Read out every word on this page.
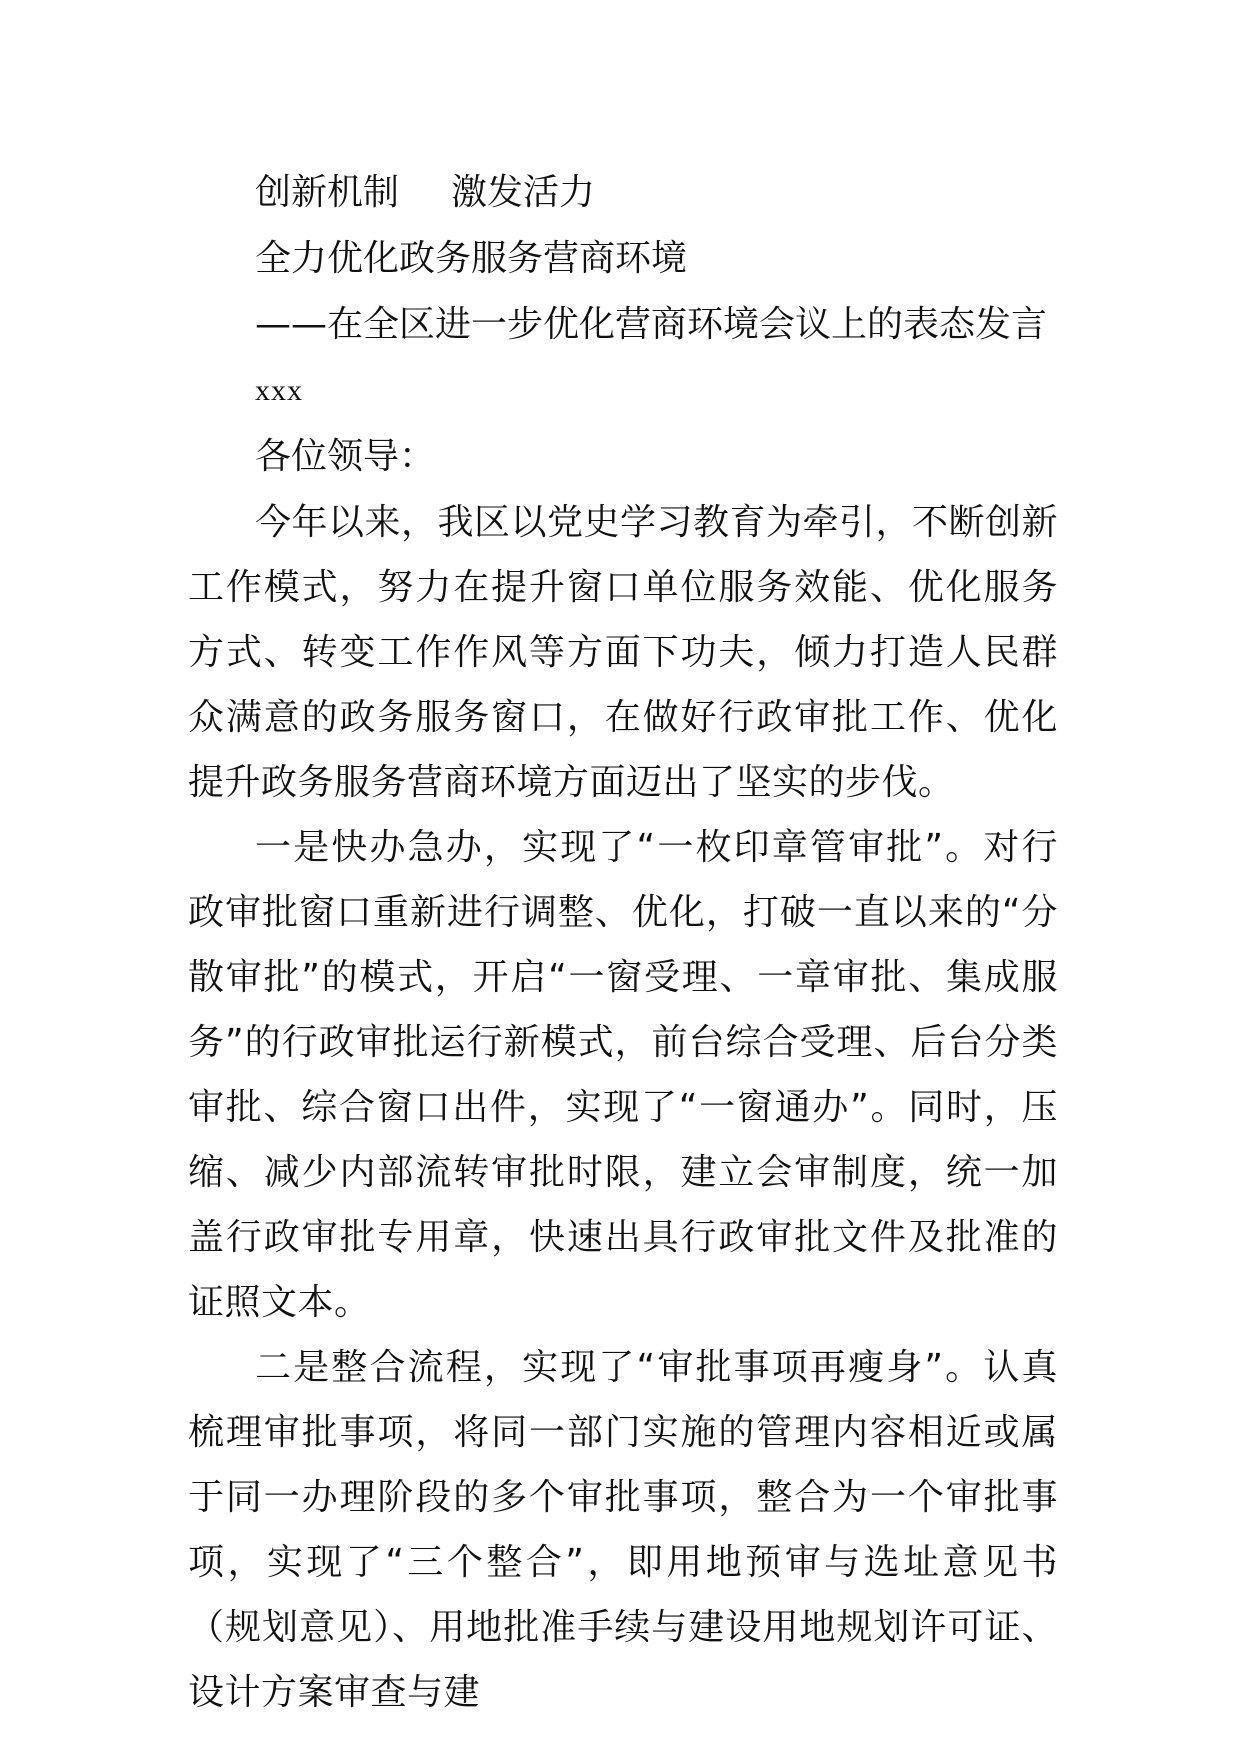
创新机制 激发活力
全力优化政务服务营商环境
——在全区进一步优化营商环境会议上的表态发言
xxx
各位领导：

今年以来，我区以党史学习教育为牵引，不断创新工作模式，努力在提升窗口单位服务效能、优化服务方式、转变工作作风等方面下功夫，倾力打造人民群众满意的政务服务窗口，在做好行政审批工作、优化提升政务服务营商环境方面迈出了坚实的步伐。

一是快办急办，实现了“一枚印章管审批”。对行政审批窗口重新进行调整、优化，打破一直以来的“分散审批”的模式，开启“一窗受理、一章审批、集成服务”的行政审批运行新模式，前台综合受理、后台分类审批、综合窗口出件，实现了“一窗通办”。同时，压缩、减少内部流转审批时限，建立会审制度，统一加盖行政审批专用章，快速出具行政审批文件及批准的证照文本。

二是整合流程，实现了“审批事项再瘦身”。认真梳理审批事项，将同一部门实施的管理内容相近或属于同一办理阶段的多个审批事项，整合为一个审批事项，实现了“三个整合”，即用地预审与选址意见书（规划意见）、用地批准手续与建设用地规划许可证、设计方案审查与建
